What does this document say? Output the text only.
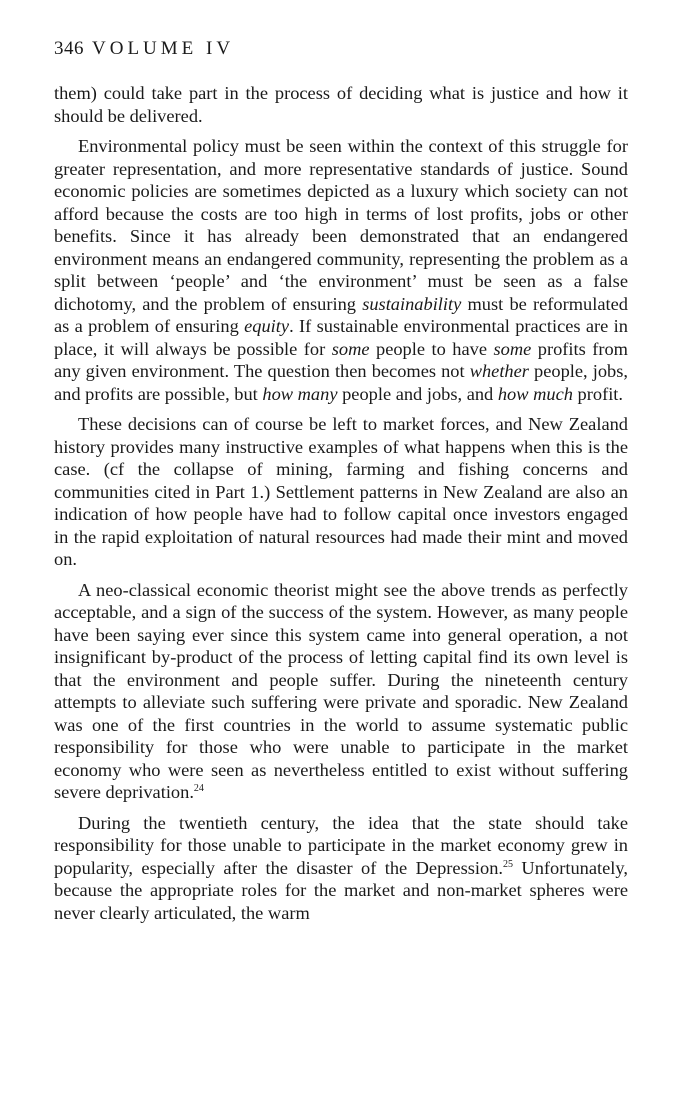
346 VOLUME IV

them) could take part in the process of deciding what is justice and how it should be delivered.

Environmental policy must be seen within the context of this struggle for greater representation, and more representative standards of justice. Sound economic policies are sometimes depicted as a luxury which society can not afford because the costs are too high in terms of lost profits, jobs or other benefits. Since it has already been demonstrated that an endangered environment means an endangered community, representing the problem as a split between ‘people’ and ‘the environment’ must be seen as a false dichotomy, and the problem of ensuring sustainability must be reformulated as a problem of ensuring equity. If sustainable environmental practices are in place, it will always be possible for some people to have some profits from any given environment. The question then becomes not whether people, jobs, and profits are possible, but how many people and jobs, and how much profit.

These decisions can of course be left to market forces, and New Zealand history provides many instructive examples of what happens when this is the case. (cf the collapse of mining, farming and fishing concerns and communities cited in Part 1.) Settlement patterns in New Zealand are also an indication of how people have had to follow capital once investors engaged in the rapid exploitation of natural resources had made their mint and moved on.

A neo-classical economic theorist might see the above trends as perfectly acceptable, and a sign of the success of the system. However, as many people have been saying ever since this system came into general operation, a not insignificant by-product of the process of letting capital find its own level is that the environment and people suffer. During the nineteenth century attempts to alleviate such suffering were private and sporadic. New Zealand was one of the first countries in the world to assume systematic public responsibility for those who were unable to participate in the market economy who were seen as nevertheless entitled to exist without suffering severe deprivation.$^{24}$

During the twentieth century, the idea that the state should take responsibility for those unable to participate in the market economy grew in popularity, especially after the disaster of the Depression.$^{25}$ Unfortunately, because the appropriate roles for the market and non-market spheres were never clearly articulated, the warm
